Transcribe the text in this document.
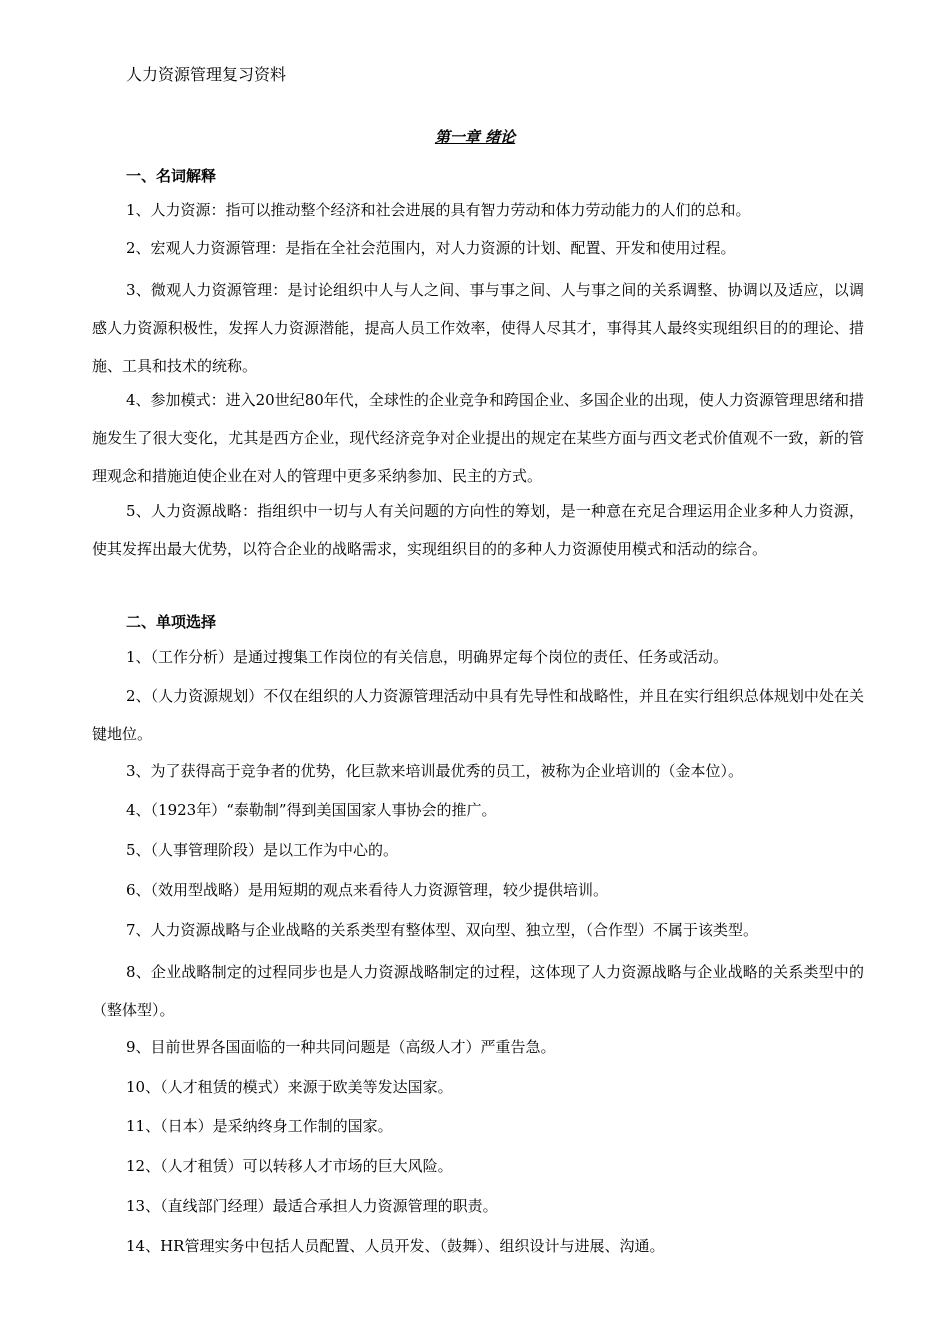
人力资源管理复习资料
第一章 绪论
一、名词解释

1、人力资源：指可以推动整个经济和社会进展的具有智力劳动和体力劳动能力的人们的总和。

2、宏观人力资源管理：是指在全社会范围内，对人力资源的计划、配置、开发和使用过程。

3、微观人力资源管理：是讨论组织中人与人之间、事与事之间、人与事之间的关系调整、协调以及适应，以调感人力资源积极性，发挥人力资源潜能，提高人员工作效率，使得人尽其才，事得其人最终实现组织目的的理论、措施、工具和技术的统称。

4、参加模式：进入20世纪80年代，全球性的企业竞争和跨国企业、多国企业的出现，使人力资源管理思绪和措施发生了很大变化，尤其是西方企业，现代经济竞争对企业提出的规定在某些方面与西文老式价值观不一致，新的管理观念和措施迫使企业在对人的管理中更多采纳参加、民主的方式。

5、人力资源战略：指组织中一切与人有关问题的方向性的筹划，是一种意在充足合理运用企业多种人力资源，使其发挥出最大优势，以符合企业的战略需求，实现组织目的的多种人力资源使用模式和活动的综合。

二、单项选择

1、（工作分析）是通过搜集工作岗位的有关信息，明确界定每个岗位的责任、任务或活动。

2、（人力资源规划）不仅在组织的人力资源管理活动中具有先导性和战略性，并且在实行组织总体规划中处在关键地位。

3、为了获得高于竞争者的优势，化巨款来培训最优秀的员工，被称为企业培训的（金本位）。

4、（1923年）“泰勒制”得到美国国家人事协会的推广。

5、（人事管理阶段）是以工作为中心的。

6、（效用型战略）是用短期的观点来看待人力资源管理，较少提供培训。

7、人力资源战略与企业战略的关系类型有整体型、双向型、独立型，（合作型）不属于该类型。

8、企业战略制定的过程同步也是人力资源战略制定的过程，这体现了人力资源战略与企业战略的关系类型中的（整体型）。

9、目前世界各国面临的一种共同问题是（高级人才）严重告急。

10、（人才租赁的模式）来源于欧美等发达国家。

11、（日本）是采纳终身工作制的国家。

12、（人才租赁）可以转移人才市场的巨大风险。

13、（直线部门经理）最适合承担人力资源管理的职责。

14、HR管理实务中包括人员配置、人员开发、（鼓舞）、组织设计与进展、沟通。
